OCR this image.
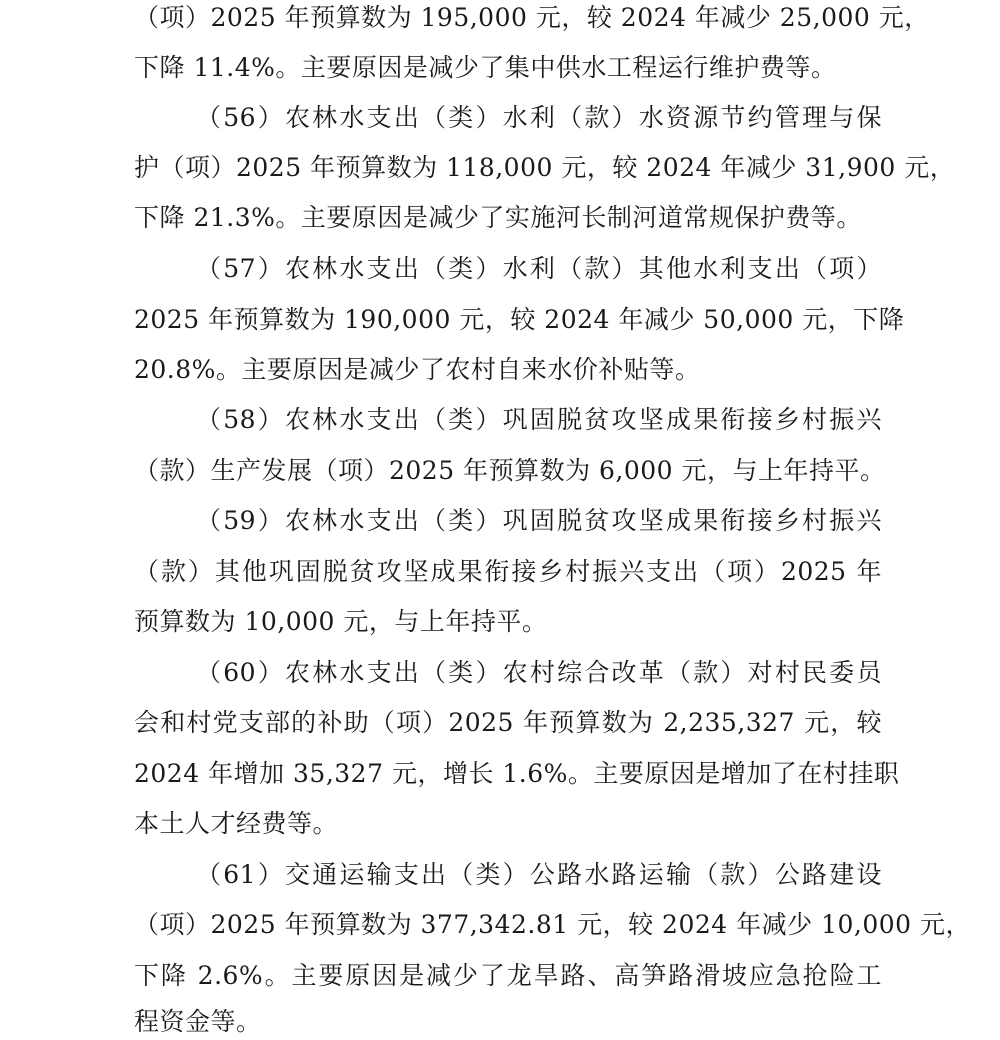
（项）2025 年预算数为 195,000 元，较 2024 年减少 25,000 元，
下降 11.4%。主要原因是减少了集中供水工程运行维护费等。
（56）农林水支出（类）水利（款）水资源节约管理与保
护（项）2025 年预算数为 118,000 元，较 2024 年减少 31,900 元，
下降 21.3%。主要原因是减少了实施河长制河道常规保护费等。
（57）农林水支出（类）水利（款）其他水利支出（项）
2025 年预算数为 190,000 元，较 2024 年减少 50,000 元，下降
20.8%。主要原因是减少了农村自来水价补贴等。
（58）农林水支出（类）巩固脱贫攻坚成果衔接乡村振兴
（款）生产发展（项）2025 年预算数为 6,000 元，与上年持平。
（59）农林水支出（类）巩固脱贫攻坚成果衔接乡村振兴
（款）其他巩固脱贫攻坚成果衔接乡村振兴支出（项）2025 年
预算数为 10,000 元，与上年持平。
（60）农林水支出（类）农村综合改革（款）对村民委员
会和村党支部的补助（项）2025 年预算数为 2,235,327 元，较
2024 年增加 35,327 元，增长 1.6%。主要原因是增加了在村挂职
本土人才经费等。
（61）交通运输支出（类）公路水路运输（款）公路建设
（项）2025 年预算数为 377,342.81 元，较 2024 年减少 10,000 元，
下降 2.6%。主要原因是减少了龙旱路、高笋路滑坡应急抢险工
程资金等。
